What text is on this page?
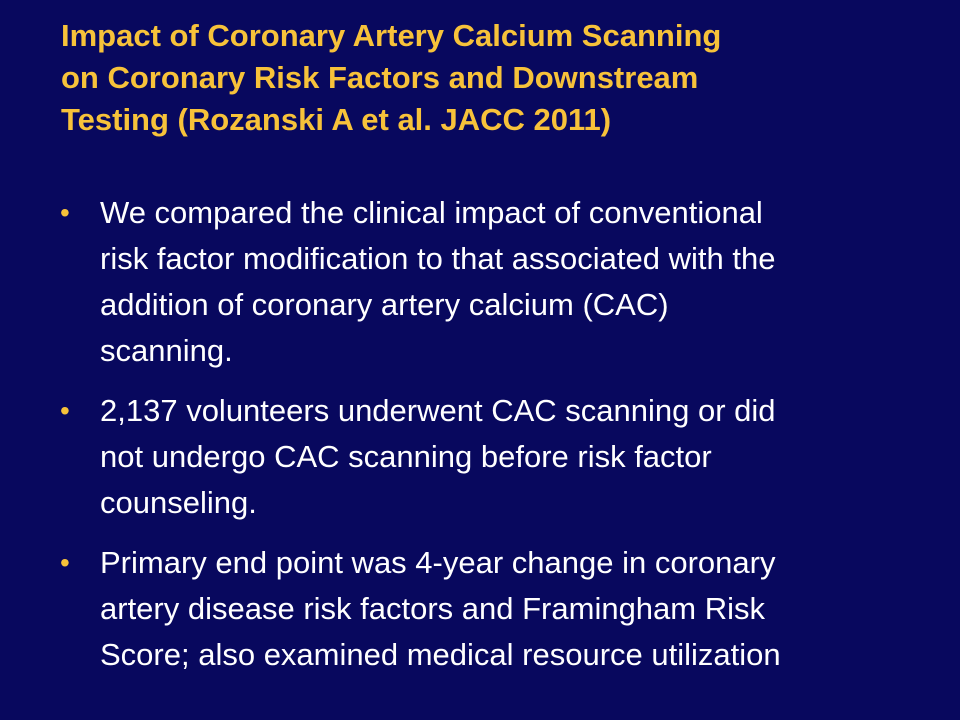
Impact of Coronary Artery Calcium Scanning
on Coronary Risk Factors and Downstream
Testing (Rozanski A et al. JACC 2011)
• We compared the clinical impact of conventional
risk factor modification to that associated with the
addition of coronary artery calcium (CAC)
scanning.
• 2,137 volunteers underwent CAC scanning or did
not undergo CAC scanning before risk factor
counseling.
• Primary end point was 4-year change in coronary
artery disease risk factors and Framingham Risk
Score; also examined medical resource utilization
